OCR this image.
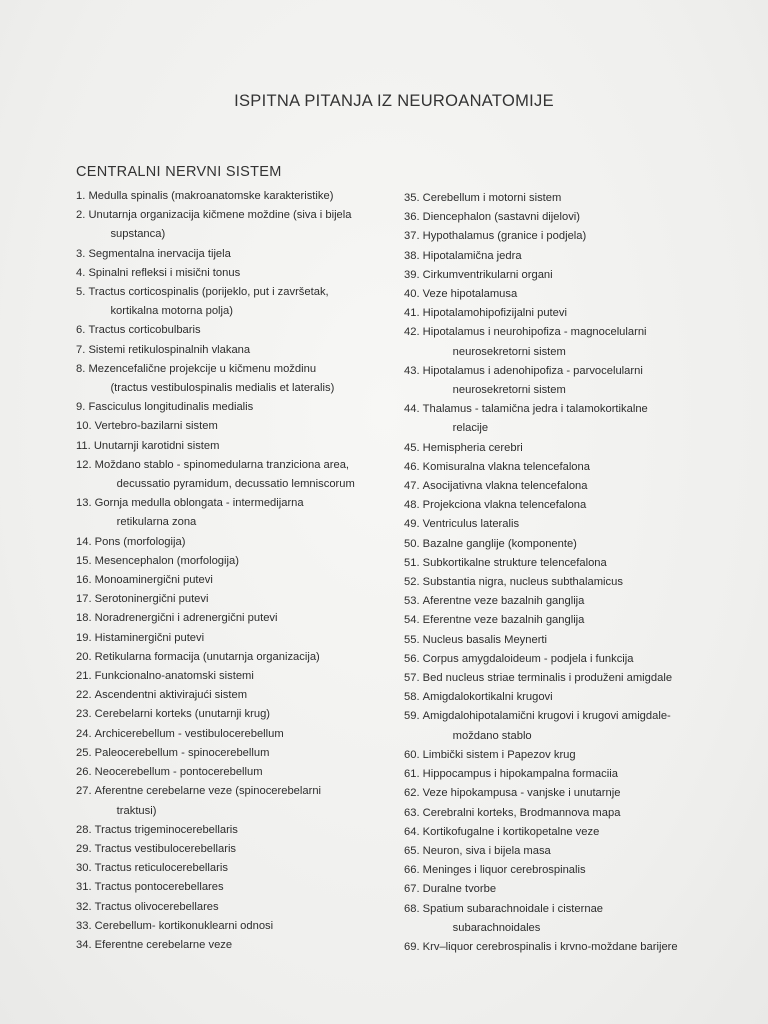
ISPITNA PITANJA IZ NEUROANATOMIJE
CENTRALNI NERVNI SISTEM
1. Medulla spinalis (makroanatomske karakteristike)
2. Unutarnja organizacija kičmene moždine (siva i bijela
supstanca)
3. Segmentalna inervacija tijela
4. Spinalni refleksi i misični tonus
5. Tractus corticospinalis (porijeklo, put i završetak,
kortikalna motorna polja)
6. Tractus corticobulbaris
7. Sistemi retikulospinalnih vlakana
8. Mezencefalične projekcije u kičmenu moždinu
(tractus vestibulospinalis medialis et lateralis)
9. Fasciculus longitudinalis medialis
10. Vertebro-bazilarni sistem
11. Unutarnji karotidni sistem
12. Moždano stablo - spinomedularna tranziciona area,
decussatio pyramidum, decussatio lemniscorum
13. Gornja medulla oblongata - intermedijarna
retikularna zona
14. Pons (morfologija)
15. Mesencephalon (morfologija)
16. Monoaminergični putevi
17. Serotoninergični putevi
18. Noradrenergični i adrenergični putevi
19. Histaminergični putevi
20. Retikularna formacija (unutarnja organizacija)
21. Funkcionalno-anatomski sistemi
22. Ascendentni aktivirajući sistem
23. Cerebelarni korteks (unutarnji krug)
24. Archicerebellum - vestibulocerebellum
25. Paleocerebellum - spinocerebellum
26. Neocerebellum - pontocerebellum
27. Aferentne cerebelarne veze (spinocerebelarni
traktusi)
28. Tractus trigeminocerebellaris
29. Tractus vestibulocerebellaris
30. Tractus reticulocerebellaris
31. Tractus pontocerebellares
32. Tractus olivocerebellares
33. Cerebellum- kortikonuklearni odnosi
34. Eferentne cerebelarne veze
35. Cerebellum i motorni sistem
36. Diencephalon (sastavni dijelovi)
37. Hypothalamus (granice i podjela)
38. Hipotalamična jedra
39. Cirkumventrikularni organi
40. Veze hipotalamusa
41. Hipotalamohipofizijalni putevi
42. Hipotalamus i neurohipofiza - magnocelularni
neurosekretorni sistem
43. Hipotalamus i adenohipofiza - parvocelularni
neurosekretorni sistem
44. Thalamus - talamična jedra i talamokortikalne
relacije
45. Hemispheria cerebri
46. Komisuralna vlakna telencefalona
47. Asocijativna vlakna telencefalona
48. Projekciona vlakna telencefalona
49. Ventriculus lateralis
50. Bazalne ganglije (komponente)
51. Subkortikalne strukture telencefalona
52. Substantia nigra, nucleus subthalamicus
53. Aferentne veze bazalnih ganglija
54. Eferentne veze bazalnih ganglija
55. Nucleus basalis Meynerti
56. Corpus amygdaloideum - podjela i funkcija
57. Bed nucleus striae terminalis i produženi amigdale
58. Amigdalokortikalni krugovi
59. Amigdalohipotalamični krugovi i krugovi amigdale-
moždano stablo
60. Limbički sistem i Papezov krug
61. Hippocampus i hipokampalna formaciia
62. Veze hipokampusa - vanjske i unutarnje
63. Cerebralni korteks, Brodmannova mapa
64. Kortikofugalne i kortikopetalne veze
65. Neuron, siva i bijela masa
66. Meninges i liquor cerebrospinalis
67. Duralne tvorbe
68. Spatium subarachnoidale i cisternae
subarachnoidales
69. Krv–liquor cerebrospinalis i krvno-moždane barijere
